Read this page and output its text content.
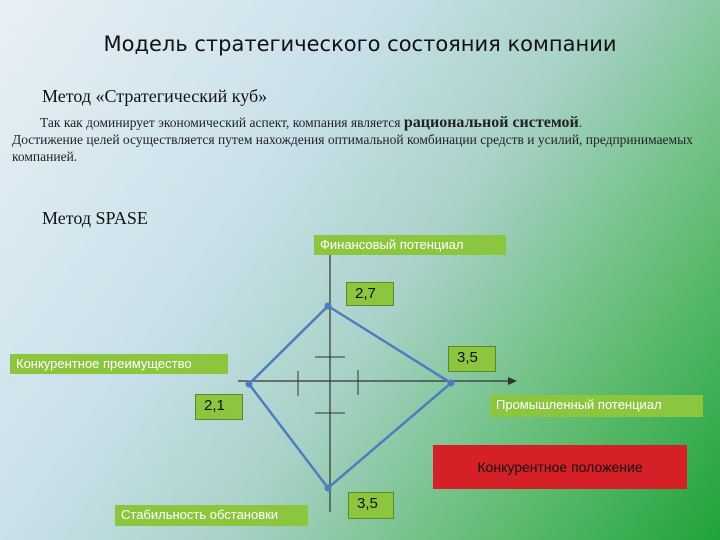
Модель стратегического состояния компании
Метод «Стратегический куб»
Так как доминирует экономический аспект, компания является рациональной системой.
Достижение целей осуществляется путем нахождения оптимальной комбинации средств и усилий, предпринимаемых компанией.
Метод SPASE
Финансовый потенциал
Конкурентное преимущество
Промышленный потенциал
Стабильность обстановки
2,7
3,5
2,1
3,5
Конкурентное положение
